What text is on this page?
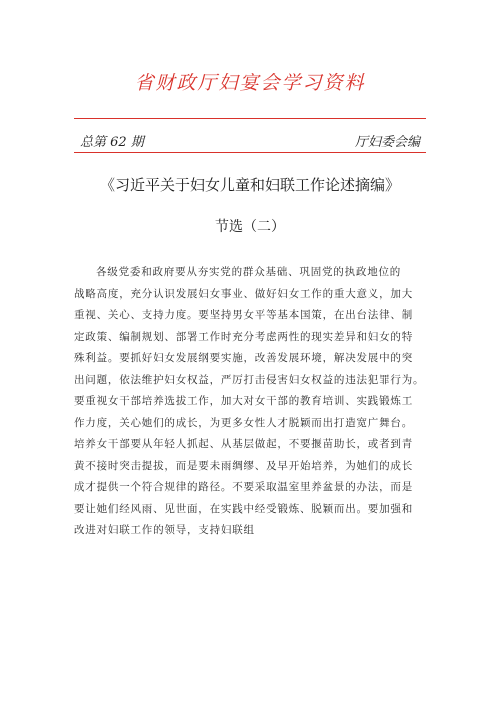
省财政厅妇宴会学习资料
总第 62 期	厅妇委会编
《习近平关于妇女儿童和妇联工作论述摘编》
节选（二）
各级党委和政府要从夯实党的群众基础、巩固党的执政地位的
战略高度，充分认识发展妇女事业、做好妇女工作的重大意义，加大
重视、关心、支持力度。要坚持男女平等基本国策，在出台法律、制
定政策、编制规划、部署工作时充分考虑两性的现实差异和妇女的特
殊利益。要抓好妇女发展纲要实施，改善发展环境，解决发展中的突
出问题，依法维护妇女权益，严厉打击侵害妇女权益的违法犯罪行为。
要重视女干部培养选拔工作，加大对女干部的教育培训、实践锻炼工
作力度，关心她们的成长，为更多女性人才脱颖而出打造宽广舞台。
培养女干部要从年轻人抓起、从基层做起，不要揠苗助长，或者到青
黄不接时突击提拔，而是要未雨绸缪、及早开始培养，为她们的成长
成才提供一个符合规律的路径。不要采取温室里养盆景的办法，而是
要让她们经风雨、见世面，在实践中经受锻炼、脱颖而出。要加强和
改进对妇联工作的领导，支持妇联组
